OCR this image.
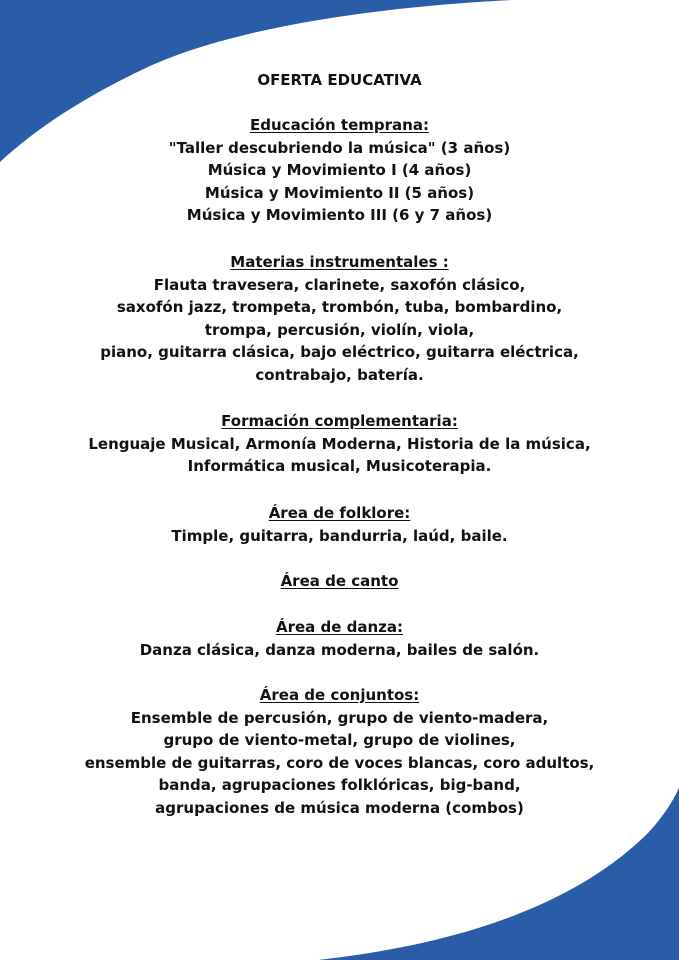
OFERTA EDUCATIVA
Educación temprana:
"Taller descubriendo la música" (3 años)
Música y Movimiento I (4 años)
Música y Movimiento II (5 años)
Música y Movimiento III (6 y 7 años)
Materias instrumentales :
Flauta travesera, clarinete, saxofón clásico,
saxofón jazz, trompeta, trombón, tuba, bombardino,
trompa, percusión, violín, viola,
piano, guitarra clásica, bajo eléctrico, guitarra eléctrica,
contrabajo, batería.
Formación complementaria:
Lenguaje Musical, Armonía Moderna, Historia de la música,
Informática musical, Musicoterapia.
Área de folklore:
Timple, guitarra, bandurria, laúd, baile.
Área de canto
Área de danza:
Danza clásica, danza moderna, bailes de salón.
Área de conjuntos:
Ensemble de percusión, grupo de viento-madera,
grupo de viento-metal, grupo de violines,
ensemble de guitarras, coro de voces blancas, coro adultos,
banda, agrupaciones folklóricas, big-band,
agrupaciones de música moderna (combos)
